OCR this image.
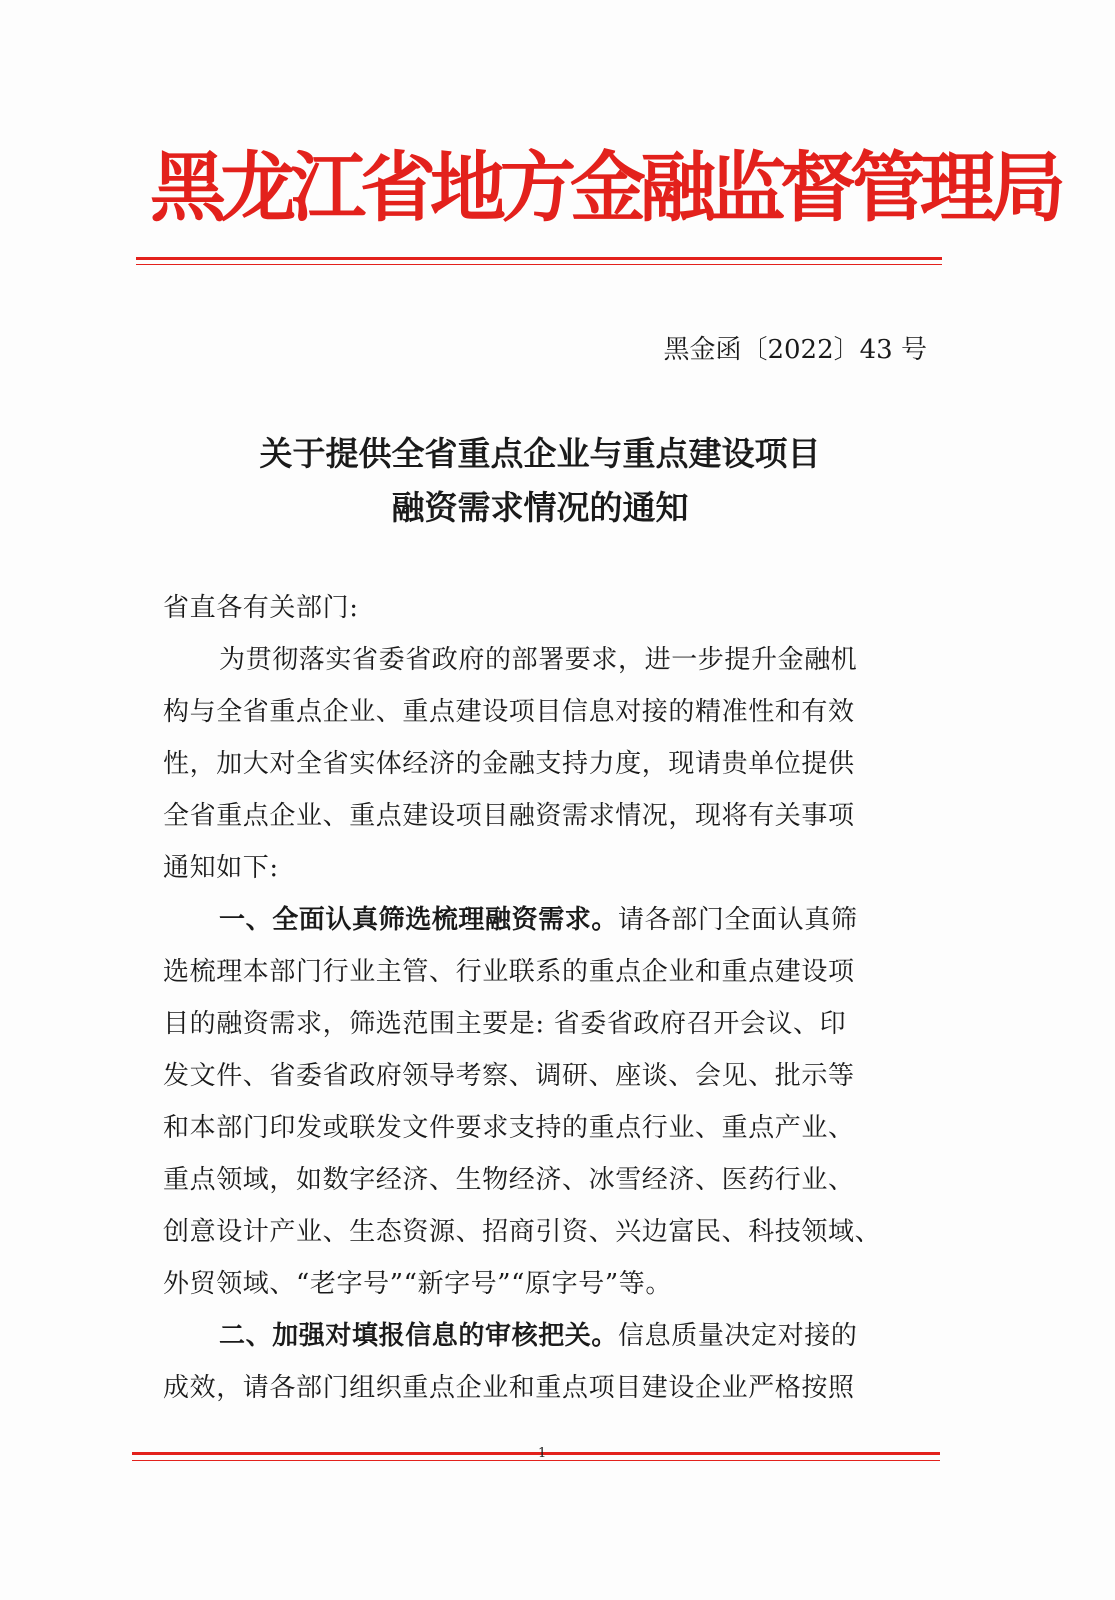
黑龙江省地方金融监督管理局
黑金函〔2022〕43 号
关于提供全省重点企业与重点建设项目
融资需求情况的通知
省直各有关部门:
为贯彻落实省委省政府的部署要求，进一步提升金融机
构与全省重点企业、重点建设项目信息对接的精准性和有效
性，加大对全省实体经济的金融支持力度，现请贵单位提供
全省重点企业、重点建设项目融资需求情况，现将有关事项
通知如下:
一、全面认真筛选梳理融资需求。请各部门全面认真筛
选梳理本部门行业主管、行业联系的重点企业和重点建设项
目的融资需求，筛选范围主要是: 省委省政府召开会议、印
发文件、省委省政府领导考察、调研、座谈、会见、批示等
和本部门印发或联发文件要求支持的重点行业、重点产业、
重点领域，如数字经济、生物经济、冰雪经济、医药行业、
创意设计产业、生态资源、招商引资、兴边富民、科技领域、
外贸领域、“老字号”“新字号”“原字号”等。
二、加强对填报信息的审核把关。信息质量决定对接的
成效，请各部门组织重点企业和重点项目建设企业严格按照
1
